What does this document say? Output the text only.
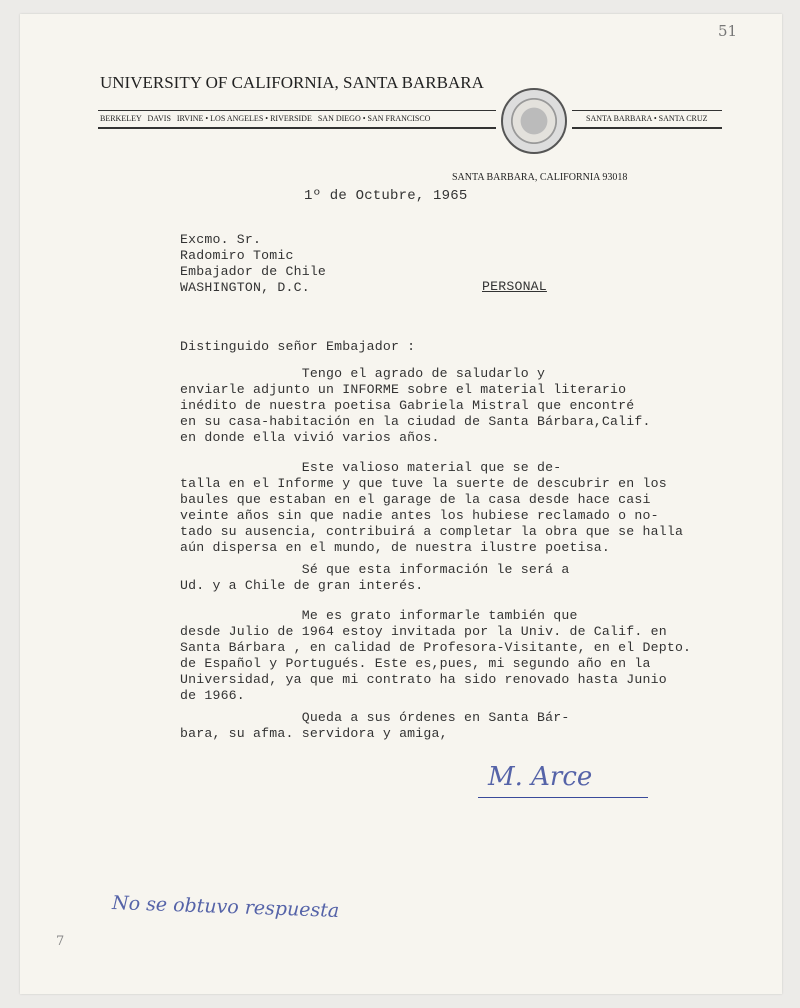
51
UNIVERSITY OF CALIFORNIA, SANTA BARBARA
BERKELEY   DAVIS   IRVINE • LOS ANGELES • RIVERSIDE   SAN DIEGO • SAN FRANCISCO	SANTA BARBARA • SANTA CRUZ
SANTA BARBARA, CALIFORNIA 93018
1º de Octubre, 1965
Excmo. Sr.
Radomiro Tomic
Embajador de Chile
WASHINGTON, D.C.	PERSONAL
Distinguido señor Embajador :
Tengo el agrado de saludarlo y
enviarle adjunto un INFORME sobre el material literario
inédito de nuestra poetisa Gabriela Mistral que encontré
en su casa-habitación en la ciudad de Santa Bárbara,Calif.
en donde ella vivió varios años.
Este valioso material que se de-
talla en el Informe y que tuve la suerte de descubrir en los
baules que estaban en el garage de la casa desde hace casi
veinte años sin que nadie antes los hubiese reclamado o no-
tado su ausencia, contribuirá a completar la obra que se halla
aún dispersa en el mundo, de nuestra ilustre poetisa.
Sé que esta información le será a
Ud. y a Chile de gran interés.
Me es grato informarle también que
desde Julio de 1964 estoy invitada por la Univ. de Calif. en
Santa Bárbara , en calidad de Profesora-Visitante, en el Depto.
de Español y Portugués. Este es,pues, mi segundo año en la
Universidad, ya que mi contrato ha sido renovado hasta Junio
de 1966.
Queda a sus órdenes en Santa Bár-
bara, su afma. servidora y amiga,
M. Arce
No se obtuvo respuesta
7
